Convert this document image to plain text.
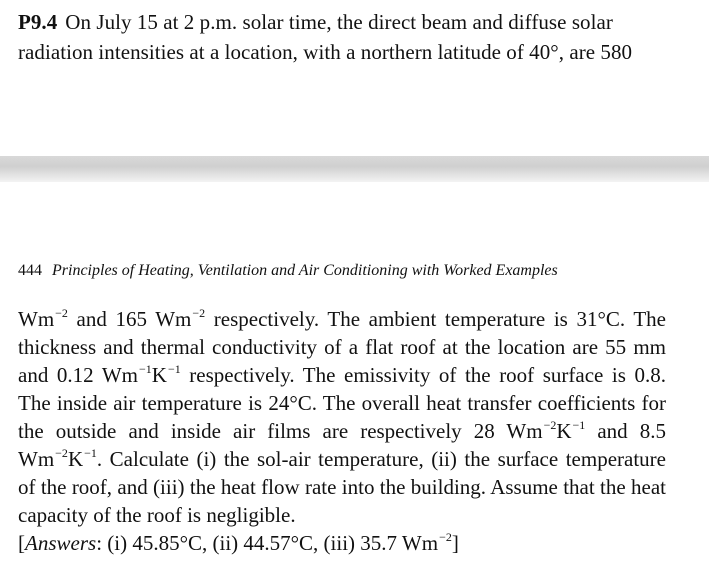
P9.4 On July 15 at 2 p.m. solar time, the direct beam and diffuse solar
radiation intensities at a location, with a northern latitude of 40°, are 580
444 Principles of Heating, Ventilation and Air Conditioning with Worked Examples
$Wm^{-2}$ and 165 $Wm^{-2}$ respectively. The ambient temperature is 31°C. The thickness and thermal conductivity of a flat roof at the location are 55 mm and 0.12 $Wm^{-1}K^{-1}$ respectively. The emissivity of the roof surface is 0.8. The inside air temperature is 24°C. The overall heat transfer coefficients for the outside and inside air films are respectively 28 $Wm^{-2}K^{-1}$ and 8.5 $Wm^{-2}K^{-1}$. Calculate (i) the sol-air temperature, (ii) the surface temperature of the roof, and (iii) the heat flow rate into the building. Assume that the heat capacity of the roof is negligible.
[Answers: (i) 45.85°C, (ii) 44.57°C, (iii) 35.7 $Wm^{-2}$]
